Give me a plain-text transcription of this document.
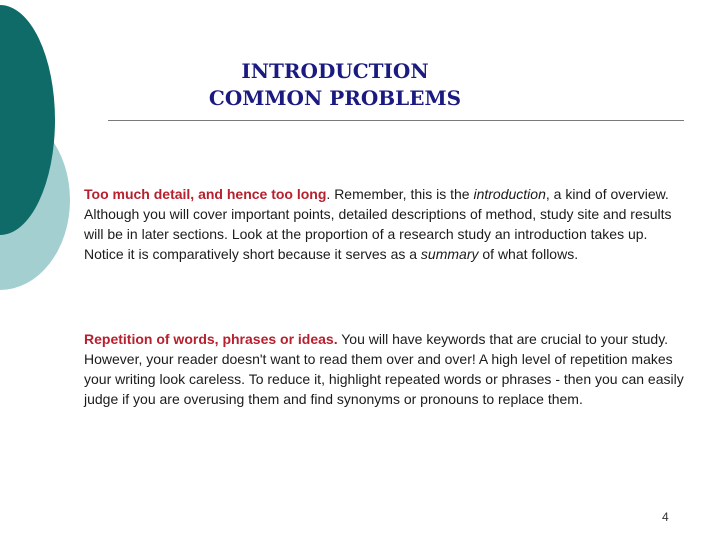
INTRODUCTION
COMMON PROBLEMS

Too much detail, and hence too long. Remember, this is the introduction, a kind of overview. Although you will cover important points, detailed descriptions of method, study site and results will be in later sections. Look at the proportion of a research study an introduction takes up. Notice it is comparatively short because it serves as a summary of what follows.

Repetition of words, phrases or ideas. You will have keywords that are crucial to your study. However, your reader doesn't want to read them over and over! A high level of repetition makes your writing look careless. To reduce it, highlight repeated words or phrases - then you can easily judge if you are overusing them and find synonyms or pronouns to replace them.

4
